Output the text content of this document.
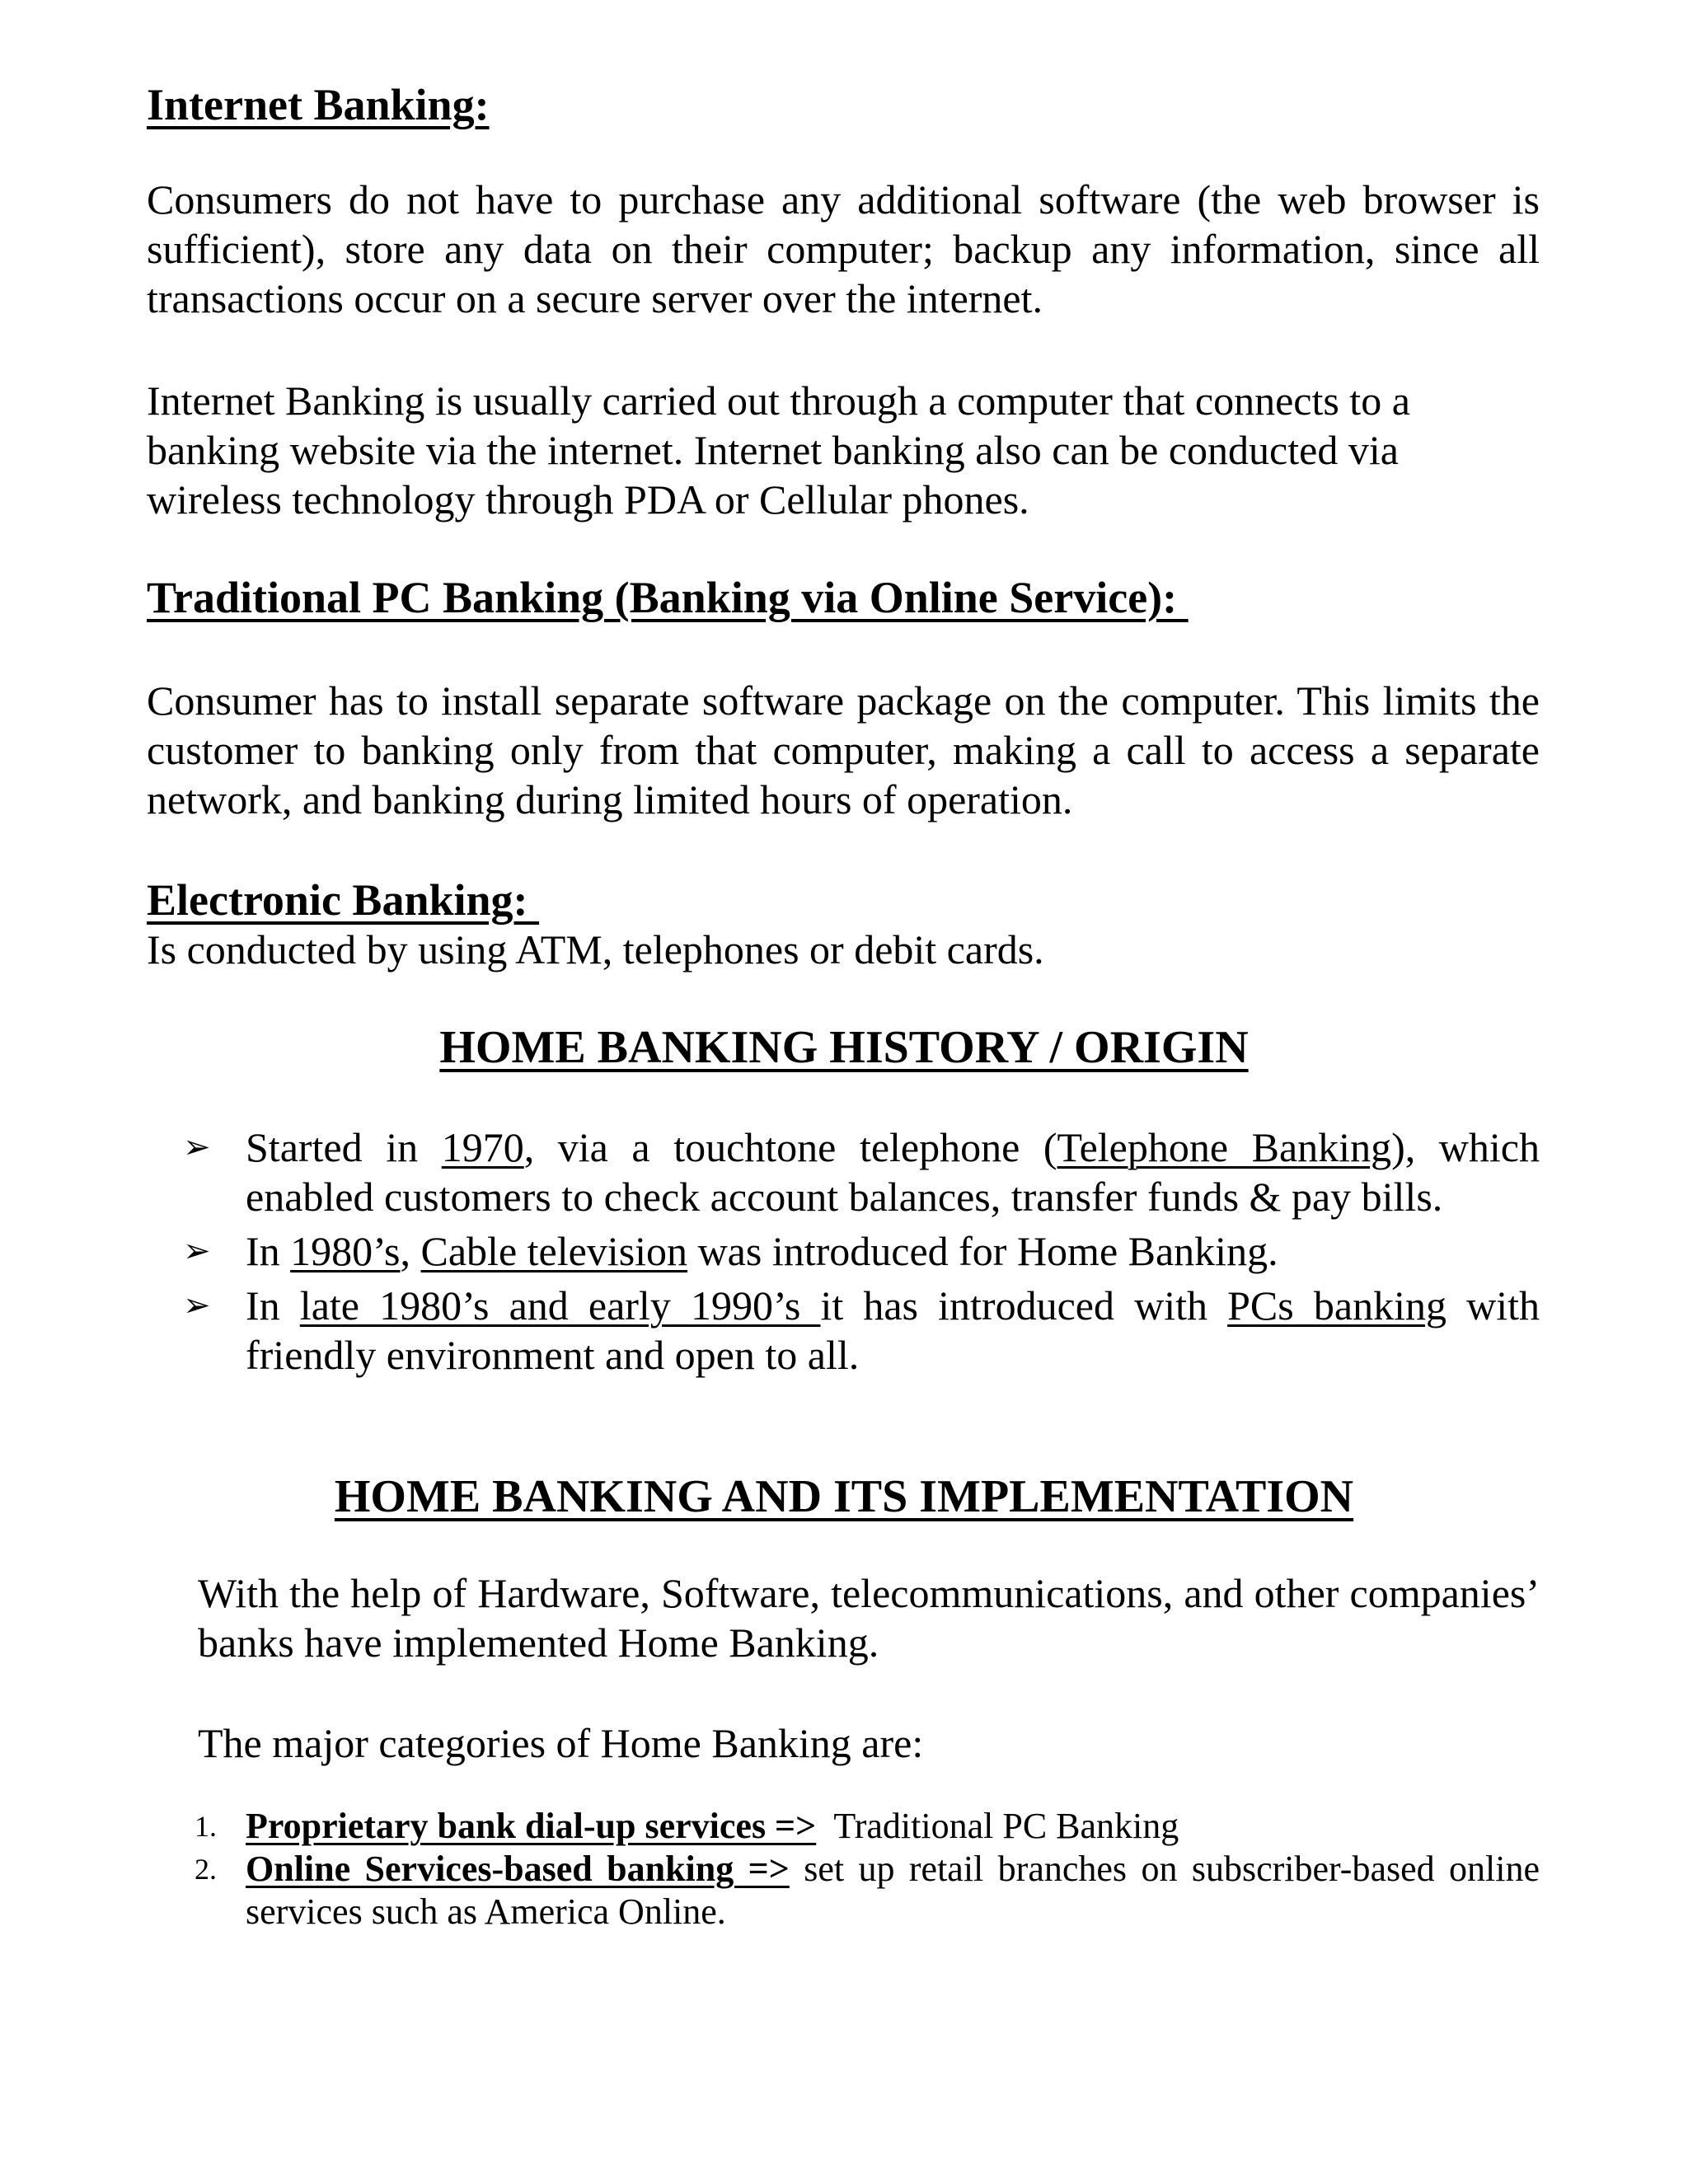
Internet Banking:
Consumers do not have to purchase any additional software (the web browser is sufficient), store any data on their computer; backup any information, since all transactions occur on a secure server over the internet.
Internet Banking is usually carried out through a computer that connects to a banking website via the internet. Internet banking also can be conducted via wireless technology through PDA or Cellular phones.
Traditional PC Banking (Banking via Online Service):
Consumer has to install separate software package on the computer. This limits the customer to banking only from that computer, making a call to access a separate network, and banking during limited hours of operation.
Electronic Banking:
Is conducted by using ATM, telephones or debit cards.
HOME BANKING HISTORY / ORIGIN
➢ Started in 1970, via a touchtone telephone (Telephone Banking), which enabled customers to check account balances, transfer funds & pay bills.
➢ In 1980’s, Cable television was introduced for Home Banking.
➢ In late 1980’s and early 1990’s it has introduced with PCs banking with friendly environment and open to all.
HOME BANKING AND ITS IMPLEMENTATION
With the help of Hardware, Software, telecommunications, and other companies’ banks have implemented Home Banking.
The major categories of Home Banking are:
1. Proprietary bank dial-up services =>  Traditional PC Banking
2. Online Services-based banking => set up retail branches on subscriber-based online services such as America Online.
